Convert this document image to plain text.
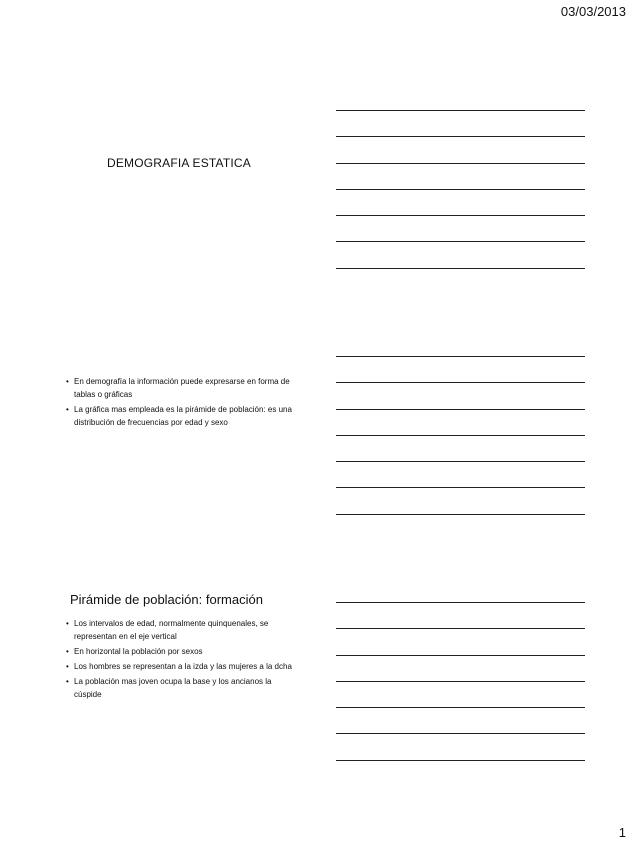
03/03/2013
DEMOGRAFIA ESTATICA
• En demografía la información puede expresarse en forma de tablas o gráficas
• La gráfica mas empleada es la pirámide de población: es una distribución de frecuencias por edad y sexo
Pirámide de población: formación
• Los intervalos de edad, normalmente quinquenales, se representan en el eje vertical
• En horizontal la población por sexos
• Los hombres se representan a la izda y las mujeres a la dcha
• La población mas joven ocupa la base y los ancianos la cúspide
1
